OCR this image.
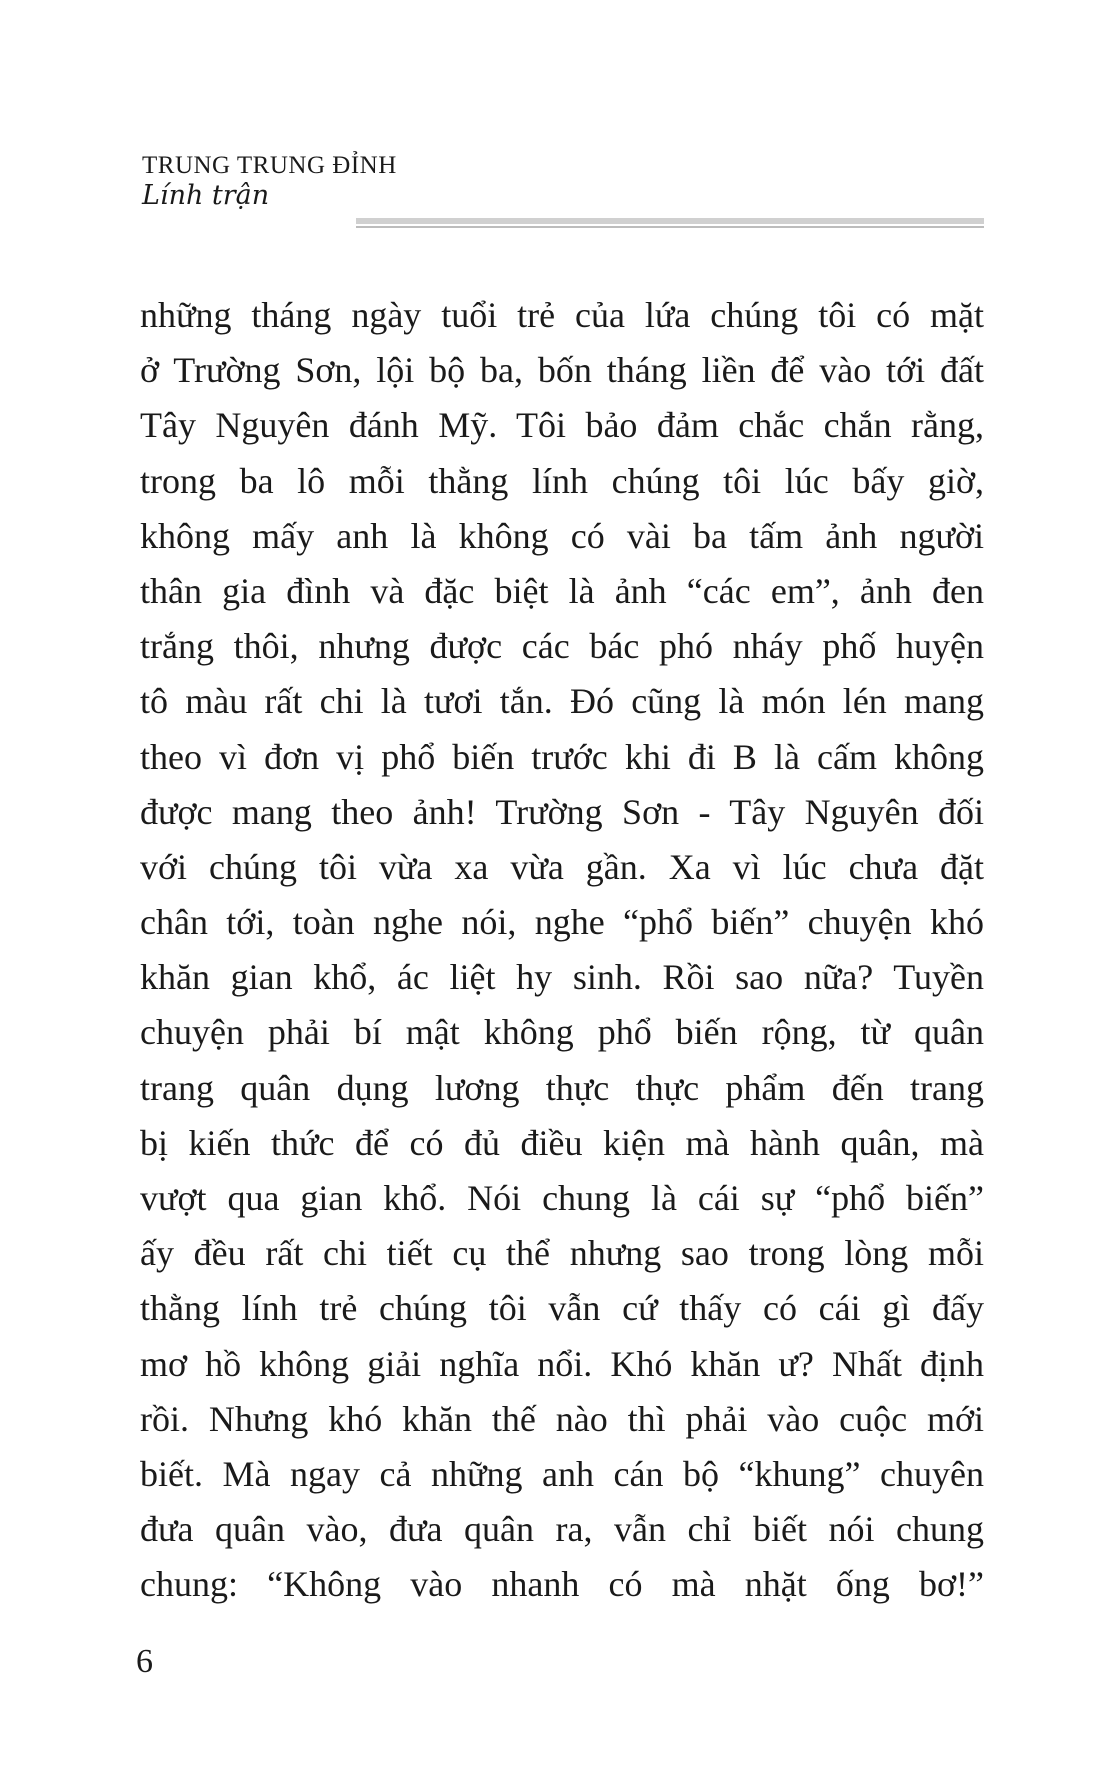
TRUNG TRUNG ĐỈNH

Lính trận

những tháng ngày tuổi trẻ của lứa chúng tôi có mặt
ở Trường Sơn, lội bộ ba, bốn tháng liền để vào tới đất
Tây Nguyên đánh Mỹ. Tôi bảo đảm chắc chắn rằng,
trong ba lô mỗi thằng lính chúng tôi lúc bấy giờ,
không mấy anh là không có vài ba tấm ảnh người
thân gia đình và đặc biệt là ảnh “các em”, ảnh đen
trắng thôi, nhưng được các bác phó nháy phố huyện
tô màu rất chi là tươi tắn. Đó cũng là món lén mang
theo vì đơn vị phổ biến trước khi đi B là cấm không
được mang theo ảnh! Trường Sơn - Tây Nguyên đối
với chúng tôi vừa xa vừa gần. Xa vì lúc chưa đặt
chân tới, toàn nghe nói, nghe “phổ biến” chuyện khó
khăn gian khổ, ác liệt hy sinh. Rồi sao nữa? Tuyền
chuyện phải bí mật không phổ biến rộng, từ quân
trang quân dụng lương thực thực phẩm đến trang
bị kiến thức để có đủ điều kiện mà hành quân, mà
vượt qua gian khổ. Nói chung là cái sự “phổ biến”
ấy đều rất chi tiết cụ thể nhưng sao trong lòng mỗi
thằng lính trẻ chúng tôi vẫn cứ thấy có cái gì đấy
mơ hồ không giải nghĩa nổi. Khó khăn ư? Nhất định
rồi. Nhưng khó khăn thế nào thì phải vào cuộc mới
biết. Mà ngay cả những anh cán bộ “khung” chuyên
đưa quân vào, đưa quân ra, vẫn chỉ biết nói chung
chung: “Không vào nhanh có mà nhặt ống bơ!”
6
